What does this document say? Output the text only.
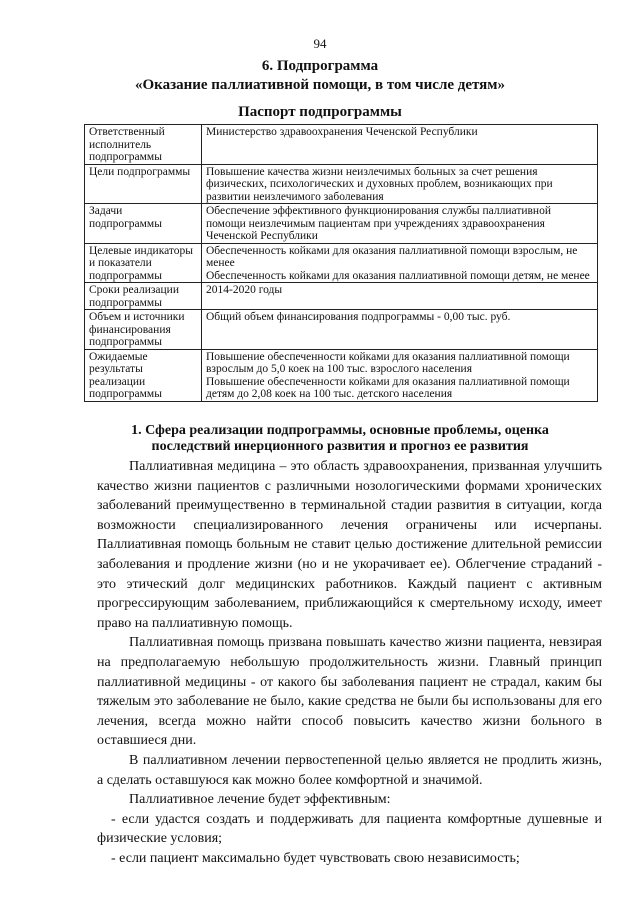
94
6. Подпрограмма
«Оказание паллиативной помощи, в том числе детям»
Паспорт подпрограммы
Ответственный исполнитель подпрограммы	Министерство здравоохранения Чеченской Республики

Цели подпрограммы	Повышение качества жизни неизлечимых больных за счет решения физических, психологических и духовных проблем, возникающих при развитии неизлечимого заболевания

Задачи подпрограммы	Обеспечение эффективного функционирования службы паллиативной помощи неизлечимым пациентам при учреждениях здравоохранения Чеченской Республики

Целевые индикаторы и показатели подпрограммы	Обеспеченность койками для оказания паллиативной помощи взрослым, не менее

Обеспеченность койками для оказания паллиативной помощи детям, не менее

Сроки реализации подпрограммы	2014-2020 годы

Объем и источники финансирования подпрограммы	Общий объем финансирования подпрограммы - 0,00 тыс. руб.

Ожидаемые результаты реализации подпрограммы	Повышение обеспеченности койками для оказания паллиативной помощи взрослым до 5,0 коек на 100 тыс. взрослого населения

Повышение обеспеченности койками для оказания паллиативной помощи детям до 2,08 коек на 100 тыс. детского населения

1. Сфера реализации подпрограммы, основные проблемы, оценка последствий инерционного развития и прогноз ее развития

Паллиативная медицина – это область здравоохранения, призванная улучшить качество жизни пациентов с различными нозологическими формами хронических заболеваний преимущественно в терминальной стадии развития в ситуации, когда возможности специализированного лечения ограничены или исчерпаны. Паллиативная помощь больным не ставит целью достижение длительной ремиссии заболевания и продление жизни (но и не укорачивает ее). Облегчение страданий - это этический долг медицинских работников. Каждый пациент с активным прогрессирующим заболеванием, приближающийся к смертельному исходу, имеет право на паллиативную помощь.

Паллиативная помощь призвана повышать качество жизни пациента, невзирая на предполагаемую небольшую продолжительность жизни. Главный принцип паллиативной медицины - от какого бы заболевания пациент не страдал, каким бы тяжелым это заболевание не было, какие средства не были бы использованы для его лечения, всегда можно найти способ повысить качество жизни больного в оставшиеся дни.

В паллиативном лечении первостепенной целью является не продлить жизнь, а сделать оставшуюся как можно более комфортной и значимой.

Паллиативное лечение будет эффективным:

- если удастся создать и поддерживать для пациента комфортные душевные и физические условия;

- если пациент максимально будет чувствовать свою независимость;
